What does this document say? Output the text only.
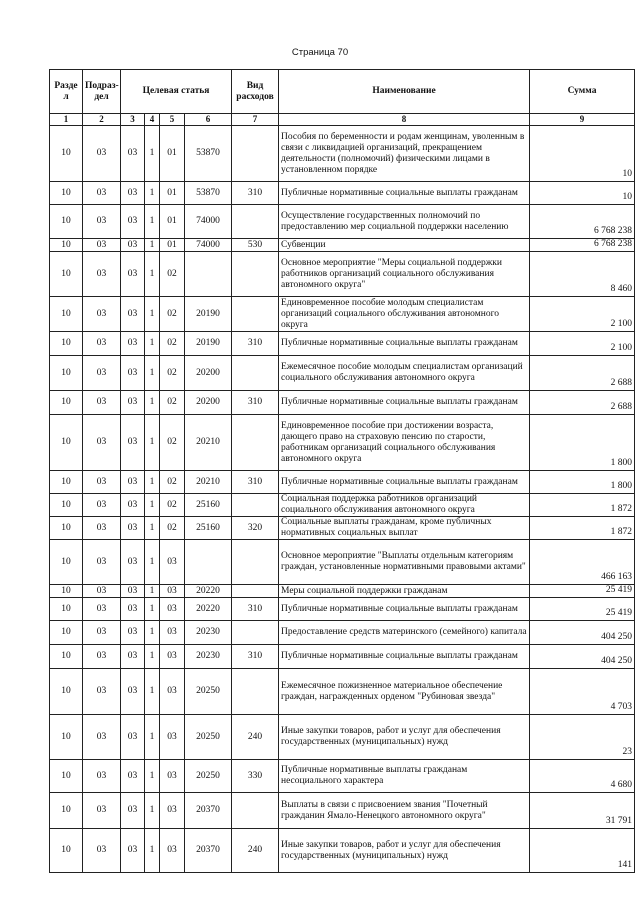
Страница 70
Разде л	Подраз-дел	Целевая статья				Вид расходов	Наименование	Сумма
1	2	3	4	5	6	7	8	9
10	03	03	1	01	53870		Пособия по беременности и родам женщинам, уволенным в связи с ликвидацией организаций, прекращением деятельности (полномочий) физическими лицами в установленном порядке	10
10	03	03	1	01	53870	310	Публичные нормативные социальные выплаты гражданам	10
10	03	03	1	01	74000		Осуществление государственных полномочий по предоставлению мер социальной поддержки населению	6 768 238
10	03	03	1	01	74000	530	Субвенции	6 768 238
10	03	03	1	02			Основное мероприятие "Меры социальной поддержки работников организаций социального обслуживания автономного округа"	8 460
10	03	03	1	02	20190		Единовременное пособие молодым специалистам организаций социального обслуживания автономного округа	2 100
10	03	03	1	02	20190	310	Публичные нормативные социальные выплаты гражданам	2 100
10	03	03	1	02	20200		Ежемесячное пособие молодым специалистам организаций социального обслуживания автономного округа	2 688
10	03	03	1	02	20200	310	Публичные нормативные социальные выплаты гражданам	2 688
10	03	03	1	02	20210		Единовременное пособие при достижении возраста, дающего право на страховую пенсию по старости, работникам организаций социального обслуживания автономного округа	1 800
10	03	03	1	02	20210	310	Публичные нормативные социальные выплаты гражданам	1 800
10	03	03	1	02	25160		Социальная поддержка работников организаций социального обслуживания автономного округа	1 872
10	03	03	1	02	25160	320	Социальные выплаты гражданам, кроме публичных нормативных социальных выплат	1 872
10	03	03	1	03			Основное мероприятие "Выплаты отдельным категориям граждан, установленные нормативными правовыми актами"	466 163
10	03	03	1	03	20220		Меры социальной поддержки гражданам	25 419
10	03	03	1	03	20220	310	Публичные нормативные социальные выплаты гражданам	25 419
10	03	03	1	03	20230		Предоставление средств материнского (семейного) капитала	404 250
10	03	03	1	03	20230	310	Публичные нормативные социальные выплаты гражданам	404 250
10	03	03	1	03	20250		Ежемесячное пожизненное материальное обеспечение граждан, награжденных орденом "Рубиновая звезда"	4 703
10	03	03	1	03	20250	240	Иные закупки товаров, работ и услуг для обеспечения государственных (муниципальных) нужд	23
10	03	03	1	03	20250	330	Публичные нормативные выплаты гражданам несоциального характера	4 680
10	03	03	1	03	20370		Выплаты в связи с присвоением звания "Почетный гражданин Ямало-Ненецкого автономного округа"	31 791
10	03	03	1	03	20370	240	Иные закупки товаров, работ и услуг для обеспечения государственных (муниципальных) нужд	141
